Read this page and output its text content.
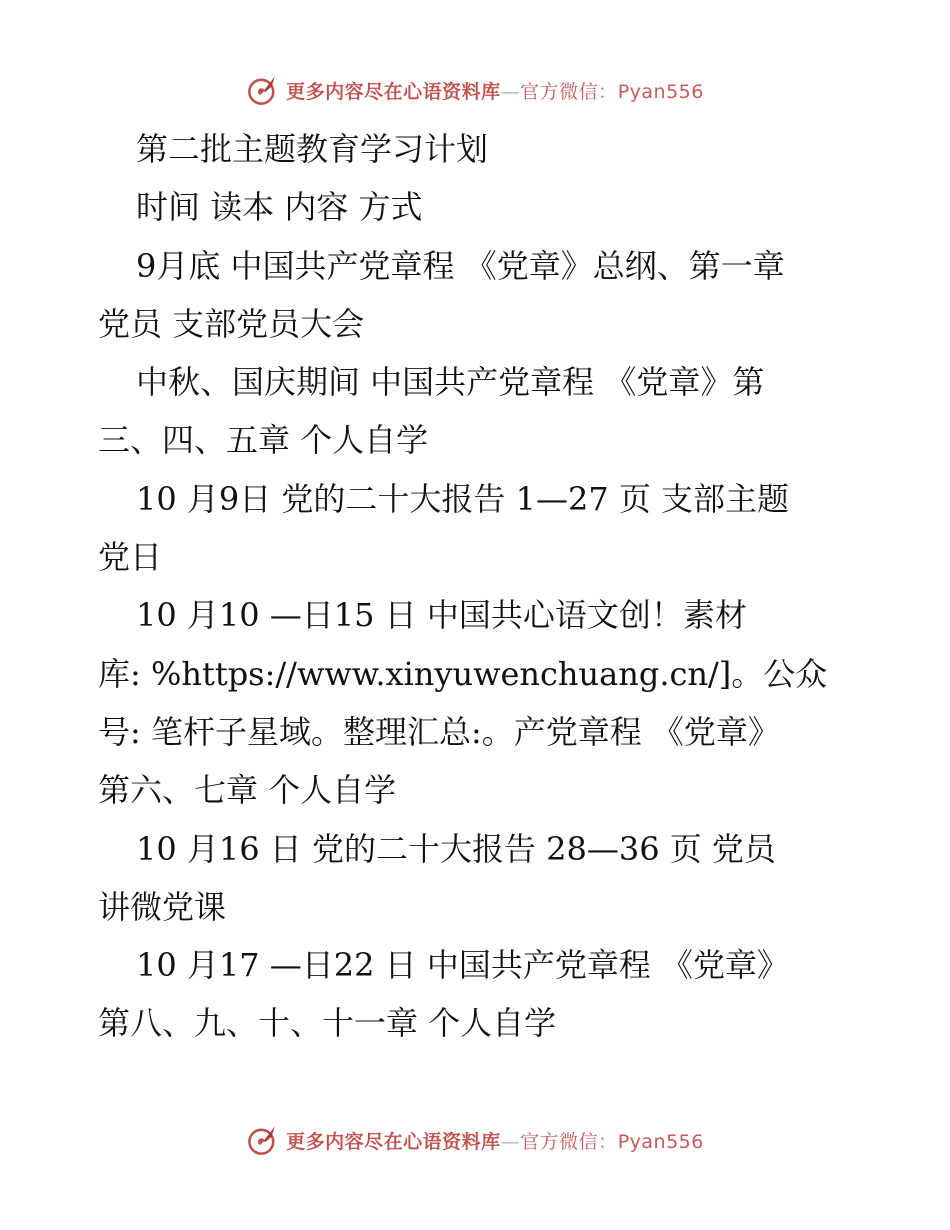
更多内容尽在心语资料库—官方微信：Pyan556
第二批主题教育学习计划
时间 读本 内容 方式
9月底 中国共产党章程 《党章》总纲、第一章
党员 支部党员大会
中秋、国庆期间 中国共产党章程 《党章》第
三、四、五章 个人自学
10 月9日 党的二十大报告 1—27 页 支部主题
党日
10 月10 —日15 日 中国共心语文创！素材
库: %https://www.xinyuwenchuang.cn/]。公众
号: 笔杆子星域。整理汇总:。产党章程 《党章》
第六、七章 个人自学
10 月16 日 党的二十大报告 28—36 页 党员
讲微党课
10 月17 —日22 日 中国共产党章程 《党章》
第八、九、十、十一章 个人自学
更多内容尽在心语资料库—官方微信：Pyan556
